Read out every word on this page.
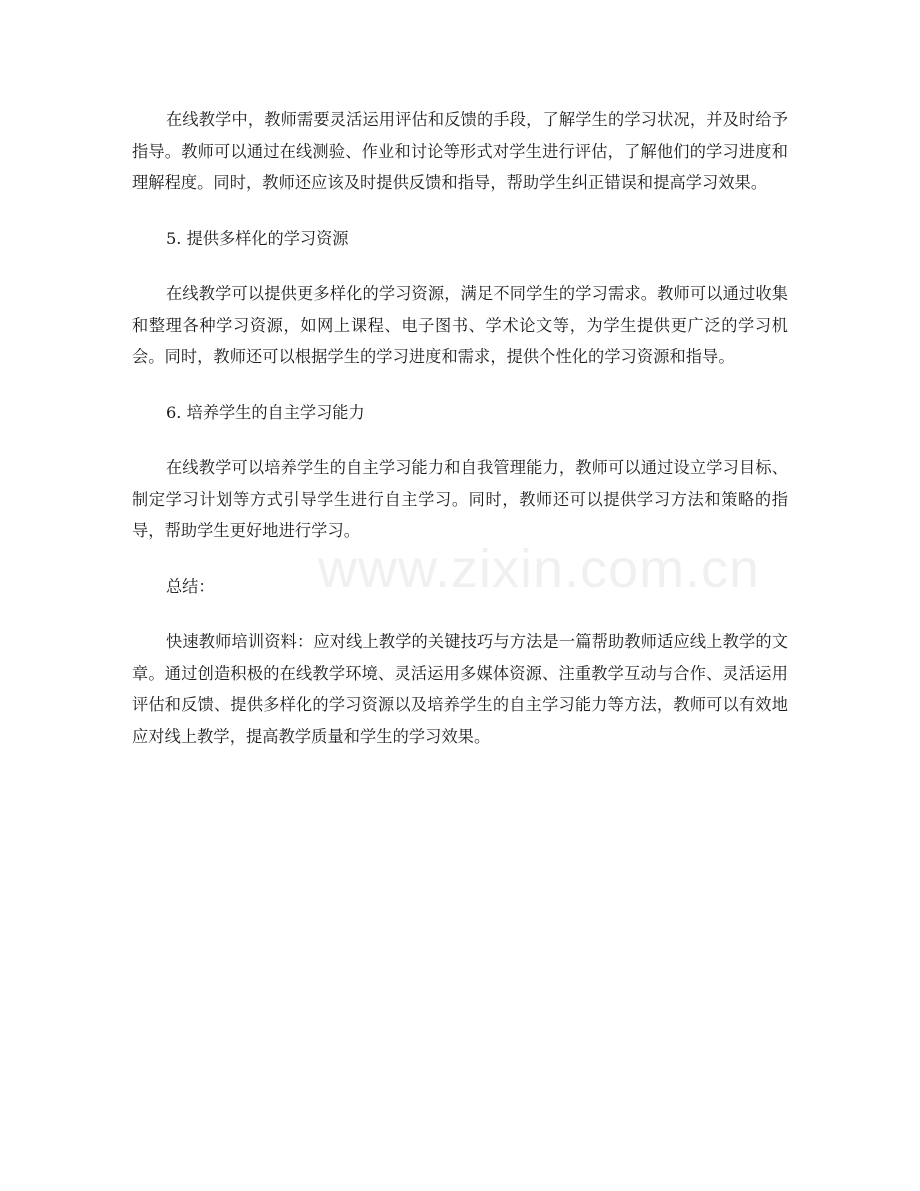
在线教学中，教师需要灵活运用评估和反馈的手段，了解学生的学习状况，并及时给予指导。教师可以通过在线测验、作业和讨论等形式对学生进行评估，了解他们的学习进度和理解程度。同时，教师还应该及时提供反馈和指导，帮助学生纠正错误和提高学习效果。

5. 提供多样化的学习资源

在线教学可以提供更多样化的学习资源，满足不同学生的学习需求。教师可以通过收集和整理各种学习资源，如网上课程、电子图书、学术论文等，为学生提供更广泛的学习机会。同时，教师还可以根据学生的学习进度和需求，提供个性化的学习资源和指导。

6. 培养学生的自主学习能力

在线教学可以培养学生的自主学习能力和自我管理能力，教师可以通过设立学习目标、制定学习计划等方式引导学生进行自主学习。同时，教师还可以提供学习方法和策略的指导，帮助学生更好地进行学习。

总结：

快速教师培训资料：应对线上教学的关键技巧与方法是一篇帮助教师适应线上教学的文章。通过创造积极的在线教学环境、灵活运用多媒体资源、注重教学互动与合作、灵活运用评估和反馈、提供多样化的学习资源以及培养学生的自主学习能力等方法，教师可以有效地应对线上教学，提高教学质量和学生的学习效果。

www.zixin.com.cn
